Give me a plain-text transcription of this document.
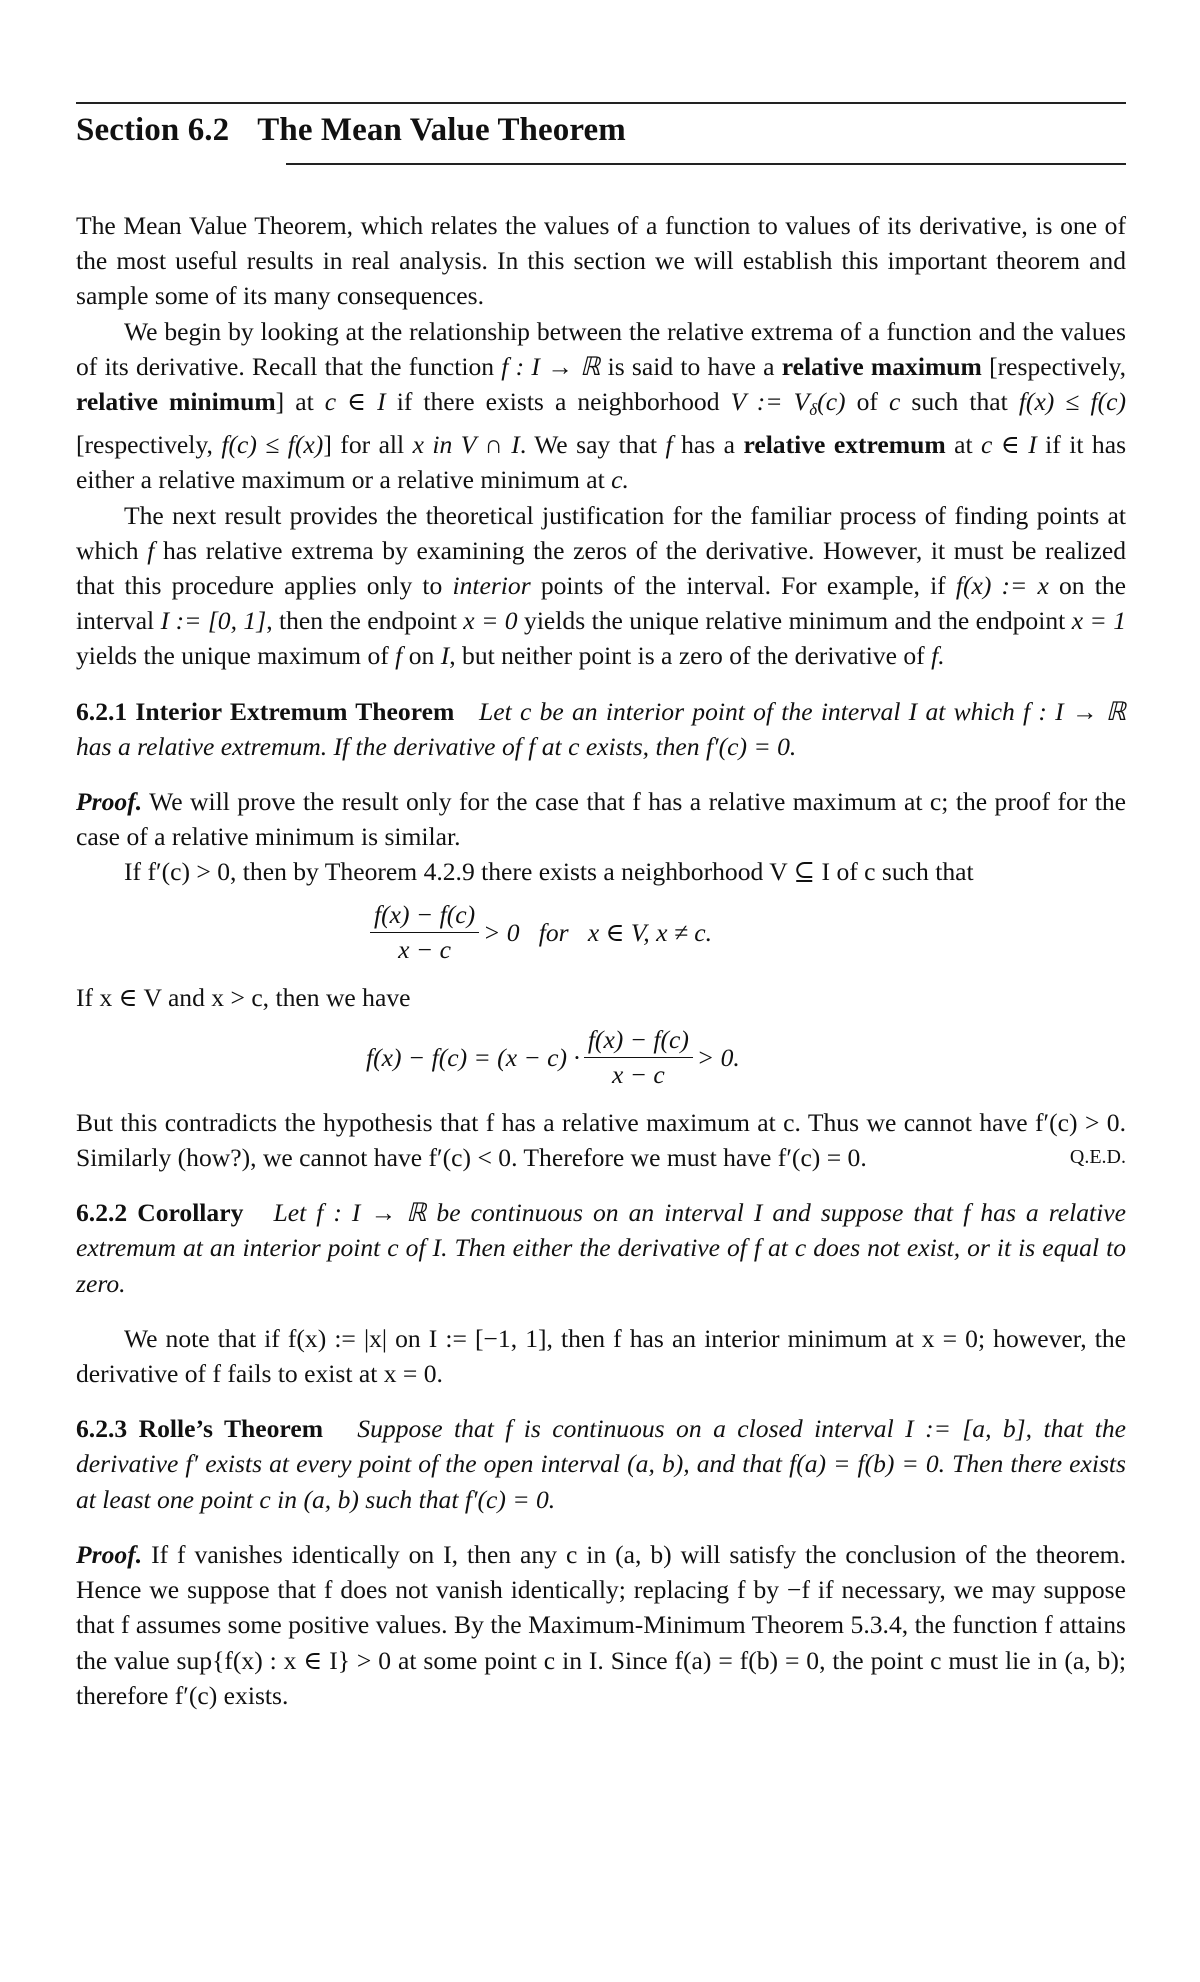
Section 6.2 The Mean Value Theorem

The Mean Value Theorem, which relates the values of a function to values of its derivative, is one of the most useful results in real analysis. In this section we will establish this important theorem and sample some of its many consequences.

We begin by looking at the relationship between the relative extrema of a function and the values of its derivative. Recall that the function f : I → ℝ is said to have a relative maximum [respectively, relative minimum] at c ∈ I if there exists a neighborhood V := $V_\delta(c)$ of c such that f(x) ≤ f(c) [respectively, f(c) ≤ f(x)] for all x in V ∩ I. We say that f has a relative extremum at c ∈ I if it has either a relative maximum or a relative minimum at c.

The next result provides the theoretical justification for the familiar process of finding points at which f has relative extrema by examining the zeros of the derivative. However, it must be realized that this procedure applies only to interior points of the interval. For example, if f(x) := x on the interval I := [0, 1], then the endpoint x = 0 yields the unique relative minimum and the endpoint x = 1 yields the unique maximum of f on I, but neither point is a zero of the derivative of f.

6.2.1 Interior Extremum Theorem Let c be an interior point of the interval I at which f : I → ℝ has a relative extremum. If the derivative of f at c exists, then f′(c) = 0.

Proof. We will prove the result only for the case that f has a relative maximum at c; the proof for the case of a relative minimum is similar.

If f′(c) > 0, then by Theorem 4.2.9 there exists a neighborhood V ⊆ I of c such that

$\frac{f(x) - f(c)}{x - c} > 0$   for   x ∈ V, x ≠ c.

If x ∈ V and x > c, then we have

$f(x) - f(c) = (x - c) \cdot \frac{f(x) - f(c)}{x - c} > 0$.

But this contradicts the hypothesis that f has a relative maximum at c. Thus we cannot have f′(c) > 0. Similarly (how?), we cannot have f′(c) < 0. Therefore we must have f′(c) = 0.	Q.E.D.

6.2.2 Corollary Let f : I → ℝ be continuous on an interval I and suppose that f has a relative extremum at an interior point c of I. Then either the derivative of f at c does not exist, or it is equal to zero.

We note that if f(x) := |x| on I := [−1, 1], then f has an interior minimum at x = 0; however, the derivative of f fails to exist at x = 0.

6.2.3 Rolle’s Theorem Suppose that f is continuous on a closed interval I := [a, b], that the derivative f′ exists at every point of the open interval (a, b), and that f(a) = f(b) = 0. Then there exists at least one point c in (a, b) such that f′(c) = 0.

Proof. If f vanishes identically on I, then any c in (a, b) will satisfy the conclusion of the theorem. Hence we suppose that f does not vanish identically; replacing f by −f if necessary, we may suppose that f assumes some positive values. By the Maximum-Minimum Theorem 5.3.4, the function f attains the value sup{f(x) : x ∈ I} > 0 at some point c in I. Since f(a) = f(b) = 0, the point c must lie in (a, b); therefore f′(c) exists.
